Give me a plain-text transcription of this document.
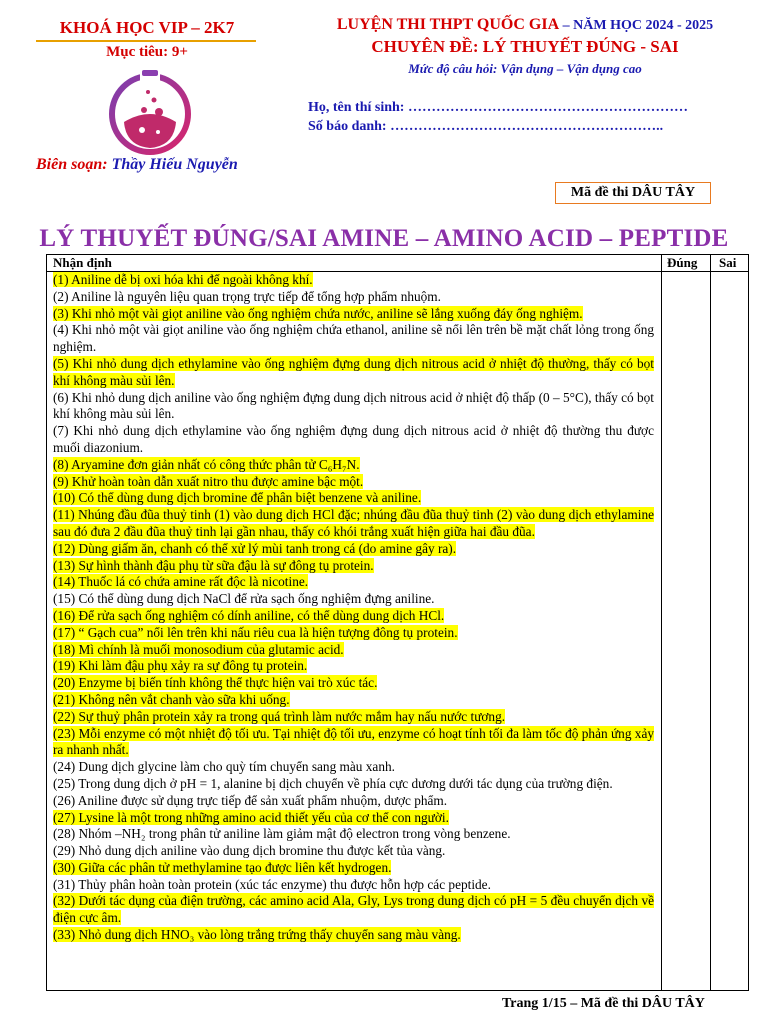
KHOÁ HỌC VIP – 2K7
Mục tiêu: 9+
Biên soạn: Thầy Hiếu Nguyễn
LUYỆN THI THPT QUỐC GIA – NĂM HỌC 2024 - 2025
CHUYÊN ĐỀ: LÝ THUYẾT ĐÚNG - SAI
Mức độ câu hỏi: Vận dụng – Vận dụng cao
Họ, tên thí sinh: ……………………………………………………
Số báo danh: …………………………………………………..
Mã đề thi DÂU TÂY
LÝ THUYẾT ĐÚNG/SAI AMINE – AMINO ACID – PEPTIDE
Nhận định	Đúng Sai
(1) Aniline dễ bị oxi hóa khi để ngoài không khí.
(2) Aniline là nguyên liệu quan trọng trực tiếp để tổng hợp phẩm nhuộm.
(3) Khi nhỏ một vài giọt aniline vào ống nghiệm chứa nước, aniline sẽ lắng xuống đáy ống nghiệm.
(4) Khi nhỏ một vài giọt aniline vào ống nghiệm chứa ethanol, aniline sẽ nổi lên trên bề mặt chất lỏng trong ống nghiệm.
(5) Khi nhỏ dung dịch ethylamine vào ống nghiệm đựng dung dịch nitrous acid ở nhiệt độ thường, thấy có bọt khí không màu sủi lên.
(6) Khi nhỏ dung dịch aniline vào ống nghiệm đựng dung dịch nitrous acid ở nhiệt độ thấp (0 – 5°C), thấy có bọt khí không màu sủi lên.
(7) Khi nhỏ dung dịch ethylamine vào ống nghiệm đựng dung dịch nitrous acid ở nhiệt độ thường thu được muối diazonium.
(8) Aryamine đơn giản nhất có công thức phân tử C₆H₇N.
(9) Khử hoàn toàn dẫn xuất nitro thu được amine bậc một.
(10) Có thể dùng dung dịch bromine để phân biệt benzene và aniline.
(11) Nhúng đầu đũa thuỷ tinh (1) vào dung dịch HCl đặc; nhúng đầu đũa thuỷ tinh (2) vào dung dịch ethylamine sau đó đưa 2 đầu đũa thuỷ tinh lại gần nhau, thấy có khói trắng xuất hiện giữa hai đầu đũa.
(12) Dùng giấm ăn, chanh có thể xử lý mùi tanh trong cá (do amine gây ra).
(13) Sự hình thành đậu phụ từ sữa đậu là sự đông tụ protein.
(14) Thuốc lá có chứa amine rất độc là nicotine.
(15) Có thể dùng dung dịch NaCl để rửa sạch ống nghiệm đựng aniline.
(16) Để rửa sạch ống nghiệm có dính aniline, có thể dùng dung dịch HCl.
(17) “ Gạch cua” nổi lên trên khi nấu riêu cua là hiện tượng đông tụ protein.
(18) Mì chính là muối monosodium của glutamic acid.
(19) Khi làm đậu phụ xảy ra sự đông tụ protein.
(20) Enzyme bị biến tính không thể thực hiện vai trò xúc tác.
(21) Không nên vắt chanh vào sữa khi uống.
(22) Sự thuỷ phân protein xảy ra trong quá trình làm nước mắm hay nấu nước tương.
(23) Mỗi enzyme có một nhiệt độ tối ưu. Tại nhiệt độ tối ưu, enzyme có hoạt tính tối đa làm tốc độ phản ứng xảy ra nhanh nhất.
(24) Dung dịch glycine làm cho quỳ tím chuyển sang màu xanh.
(25) Trong dung dịch ở pH = 1, alanine bị dịch chuyển về phía cực dương dưới tác dụng của trường điện.
(26) Aniline được sử dụng trực tiếp để sản xuất phẩm nhuộm, dược phẩm.
(27) Lysine là một trong những amino acid thiết yếu của cơ thể con người.
(28) Nhóm –NH₂ trong phân tử aniline làm giảm mật độ electron trong vòng benzene.
(29) Nhỏ dung dịch aniline vào dung dịch bromine thu được kết tủa vàng.
(30) Giữa các phân tử methylamine tạo được liên kết hydrogen.
(31) Thủy phân hoàn toàn protein (xúc tác enzyme) thu được hỗn hợp các peptide.
(32) Dưới tác dụng của điện trường, các amino acid Ala, Gly, Lys trong dung dịch có pH = 5 đều chuyển dịch về điện cực âm.
(33) Nhỏ dung dịch HNO₃ vào lòng trắng trứng thấy chuyển sang màu vàng.
Trang 1/15 – Mã đề thi DÂU TÂY
